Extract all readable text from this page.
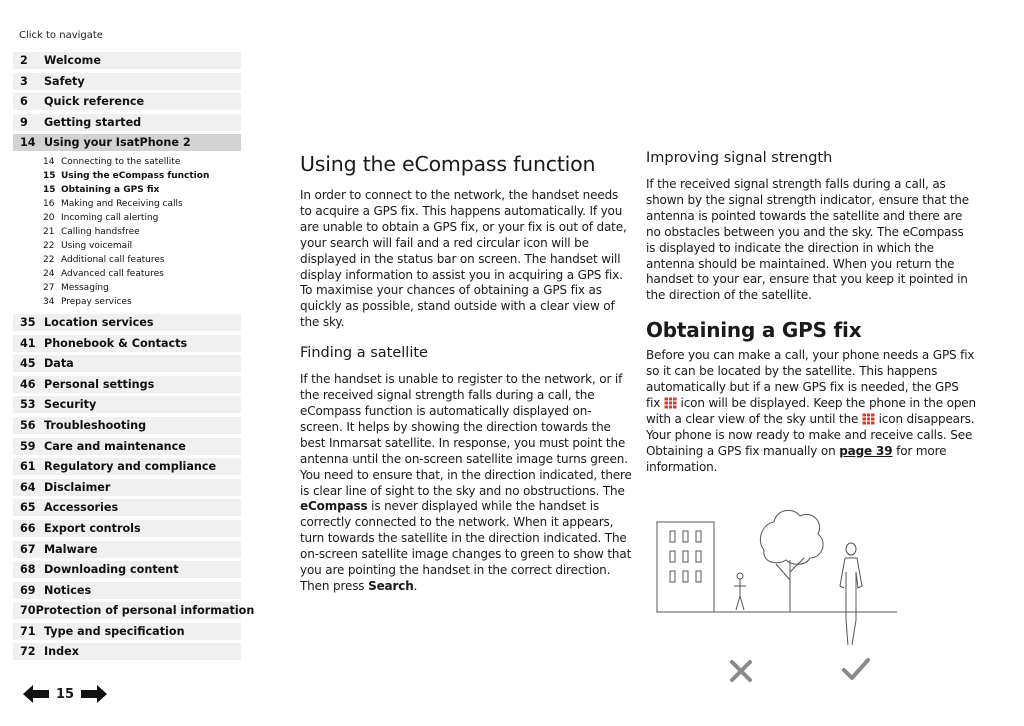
Click to navigate
2	Welcome
3	Safety
6	Quick reference
9	Getting started
14 Using your IsatPhone 2
14 Connecting to the satellite
15 Using the eCompass function
15 Obtaining a GPS fix
16 Making and Receiving calls
20 Incoming call alerting
21 Calling handsfree
22 Using voicemail
22 Additional call features
24 Advanced call features
27 Messaging
34 Prepay services
35 Location services
41 Phonebook & Contacts
45 Data
46 Personal settings
53 Security
56 Troubleshooting
59 Care and maintenance
61 Regulatory and compliance
64 Disclaimer
65 Accessories
66 Export controls
67 Malware
68 Downloading content
69 Notices
70 Protection of personal information
71 Type and specification
72 Index
15
Using the eCompass function

In order to connect to the network, the handset needs to acquire a GPS fix. This happens automatically. If you are unable to obtain a GPS fix, or your fix is out of date, your search will fail and a red circular icon will be displayed in the status bar on screen. The handset will display information to assist you in acquiring a GPS fix. To maximise your chances of obtaining a GPS fix as quickly as possible, stand outside with a clear view of the sky.

Finding a satellite

If the handset is unable to register to the network, or if the received signal strength falls during a call, the eCompass function is automatically displayed on-screen. It helps by showing the direction towards the best Inmarsat satellite. In response, you must point the antenna until the on-screen satellite image turns green. You need to ensure that, in the direction indicated, there is clear line of sight to the sky and no obstructions. The eCompass is never displayed while the handset is correctly connected to the network. When it appears, turn towards the satellite in the direction indicated. The on-screen satellite image changes to green to show that you are pointing the handset in the correct direction. Then press Search.

Improving signal strength

If the received signal strength falls during a call, as shown by the signal strength indicator, ensure that the antenna is pointed towards the satellite and there are no obstacles between you and the sky. The eCompass is displayed to indicate the direction in which the antenna should be maintained. When you return the handset to your ear, ensure that you keep it pointed in the direction of the satellite.

Obtaining a GPS fix

Before you can make a call, your phone needs a GPS fix so it can be located by the satellite. This happens automatically but if a new GPS fix is needed, the GPS fix  icon will be displayed. Keep the phone in the open with a clear view of the sky until the  icon disappears. Your phone is now ready to make and receive calls. See Obtaining a GPS fix manually on page 39 for more information.
